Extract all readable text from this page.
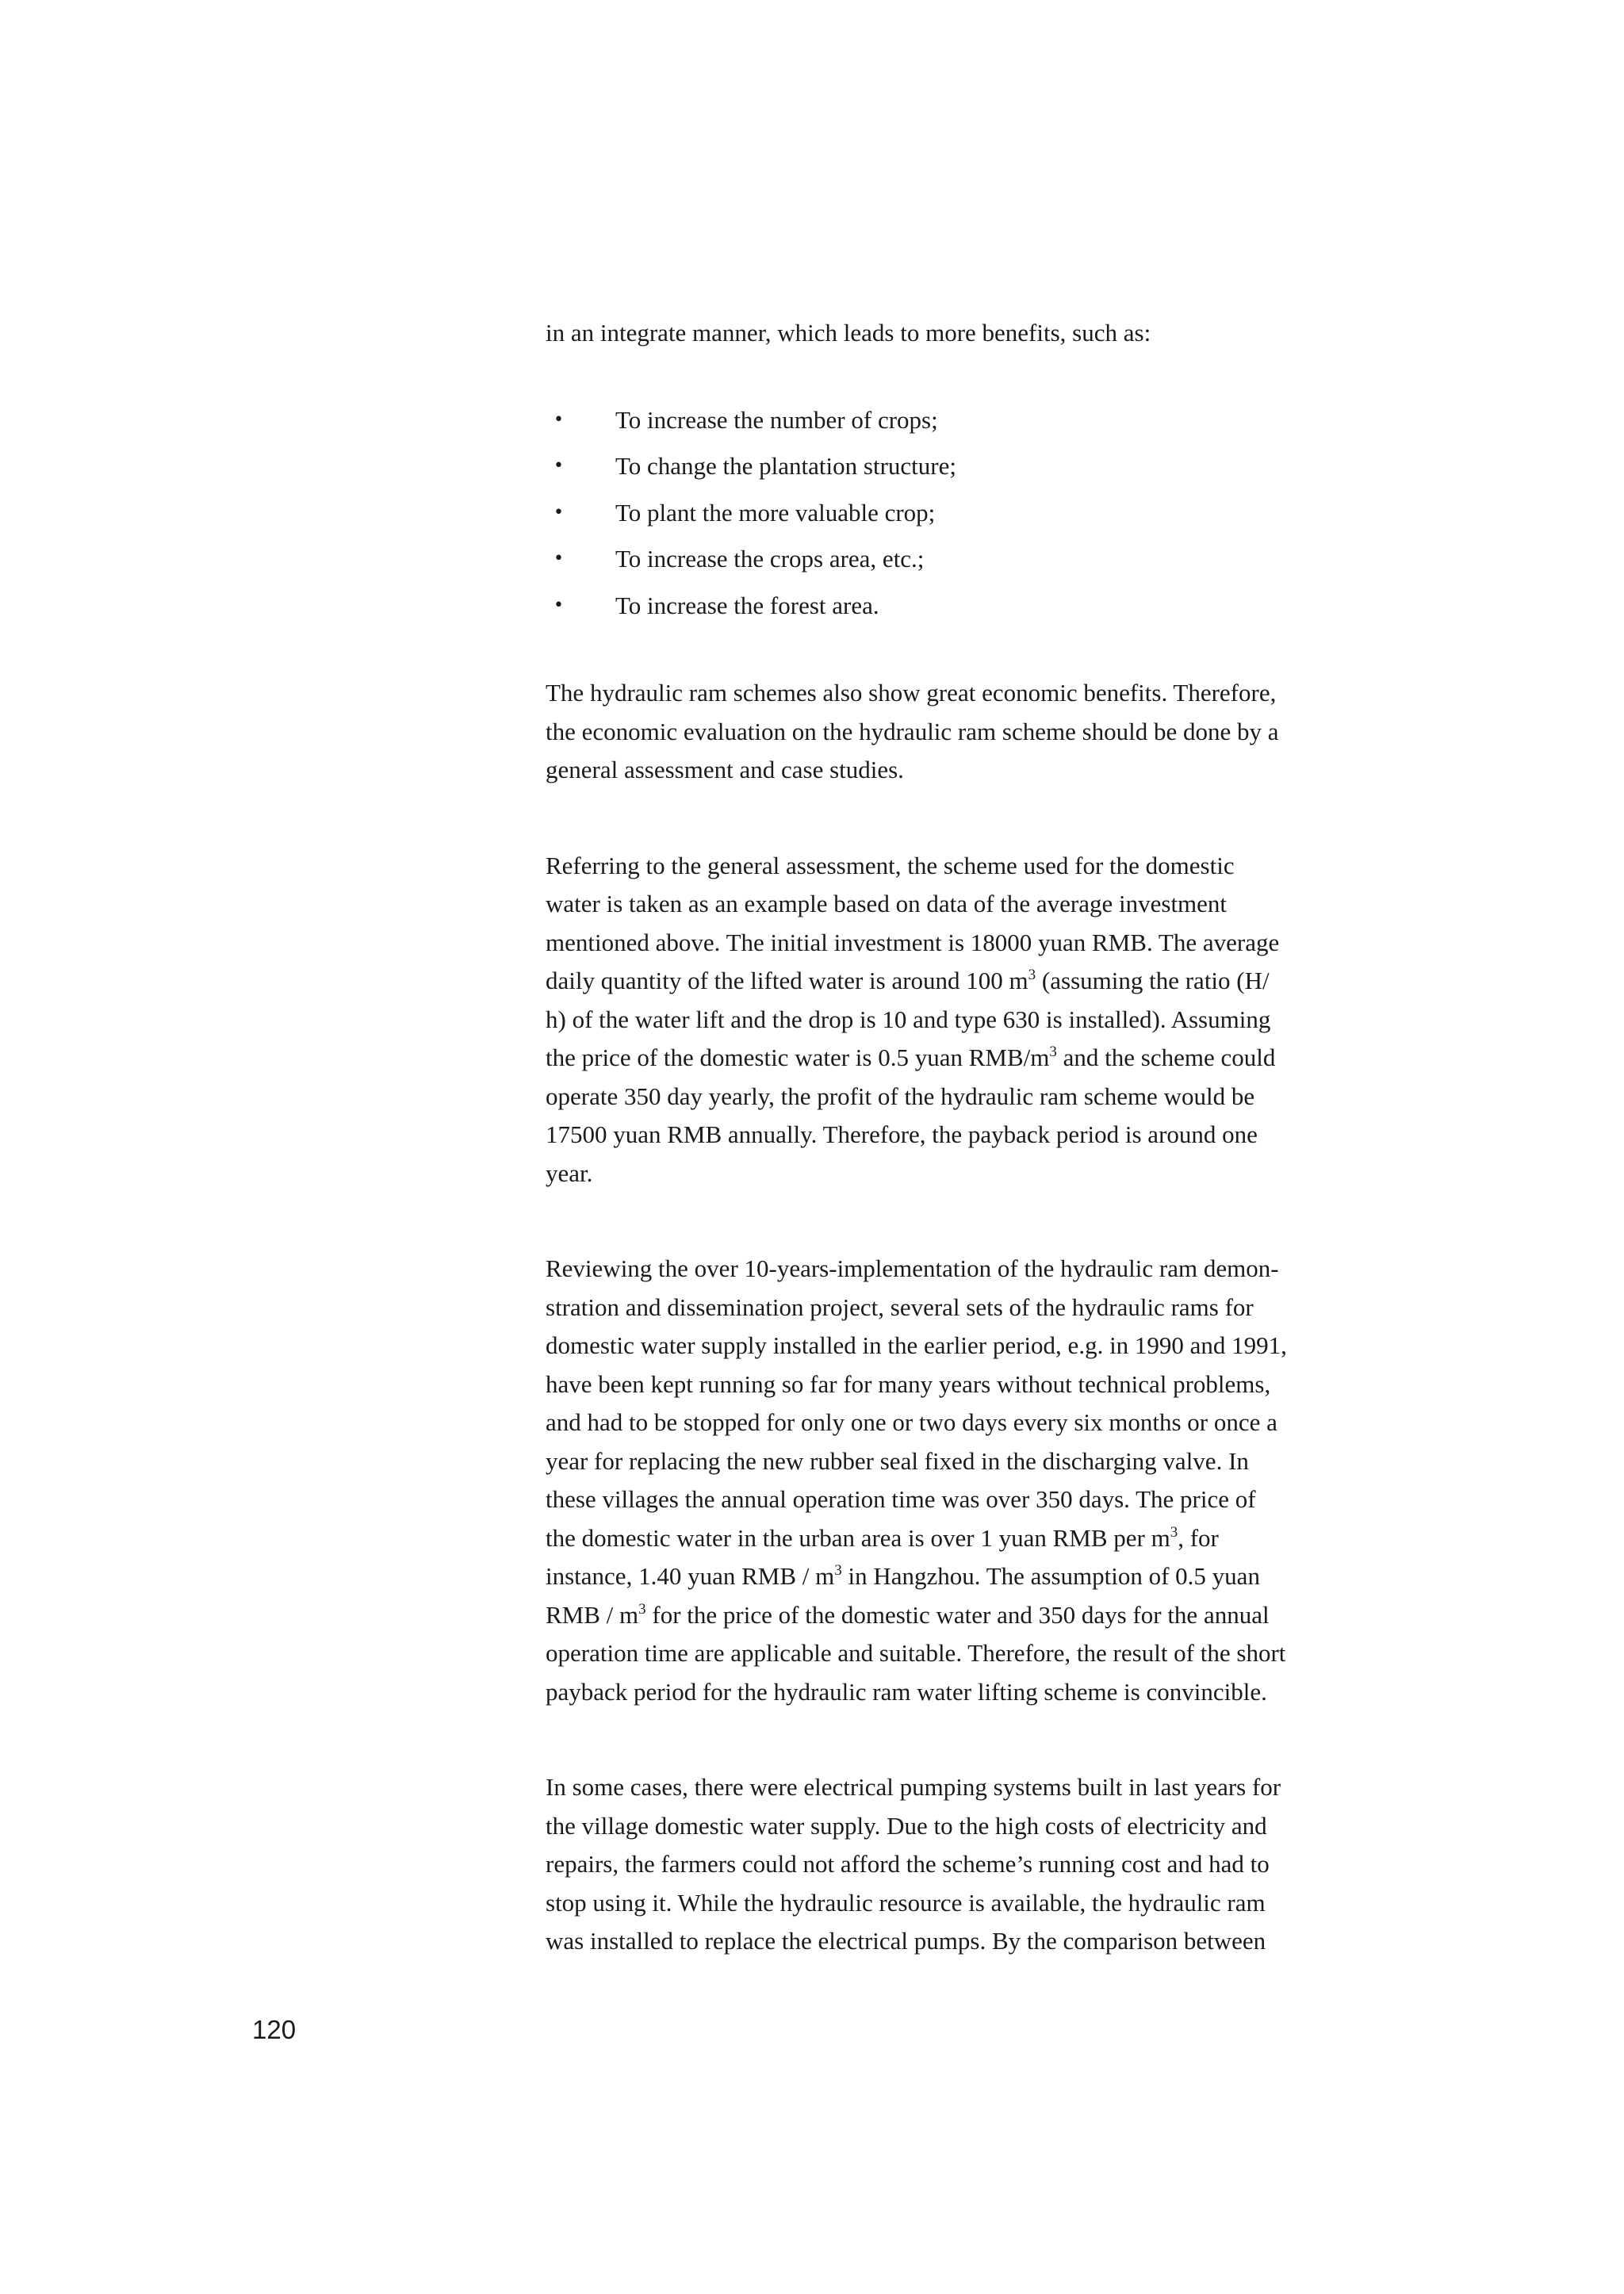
in an integrate manner, which leads to more benefits, such as:

• To increase the number of crops;
• To change the plantation structure;
• To plant the more valuable crop;
• To increase the crops area, etc.;
• To increase the forest area.

The hydraulic ram schemes also show great economic benefits. Therefore,
the economic evaluation on the hydraulic ram scheme should be done by a
general assessment and case studies.

Referring to the general assessment, the scheme used for the domestic
water is taken as an example based on data of the average investment
mentioned above. The initial investment is 18000 yuan RMB. The average
daily quantity of the lifted water is around 100 $m^3$ (assuming the ratio (H/
h) of the water lift and the drop is 10 and type 630 is installed). Assuming
the price of the domestic water is 0.5 yuan RMB/$m^3$ and the scheme could
operate 350 day yearly, the profit of the hydraulic ram scheme would be
17500 yuan RMB annually. Therefore, the payback period is around one
year.

Reviewing the over 10-years-implementation of the hydraulic ram demon-
stration and dissemination project, several sets of the hydraulic rams for
domestic water supply installed in the earlier period, e.g. in 1990 and 1991,
have been kept running so far for many years without technical problems,
and had to be stopped for only one or two days every six months or once a
year for replacing the new rubber seal fixed in the discharging valve. In
these villages the annual operation time was over 350 days. The price of
the domestic water in the urban area is over 1 yuan RMB per $m^3$, for
instance, 1.40 yuan RMB / $m^3$ in Hangzhou. The assumption of 0.5 yuan
RMB / $m^3$ for the price of the domestic water and 350 days for the annual
operation time are applicable and suitable. Therefore, the result of the short
payback period for the hydraulic ram water lifting scheme is convincible.

In some cases, there were electrical pumping systems built in last years for
the village domestic water supply. Due to the high costs of electricity and
repairs, the farmers could not afford the scheme’s running cost and had to
stop using it. While the hydraulic resource is available, the hydraulic ram
was installed to replace the electrical pumps. By the comparison between

120
